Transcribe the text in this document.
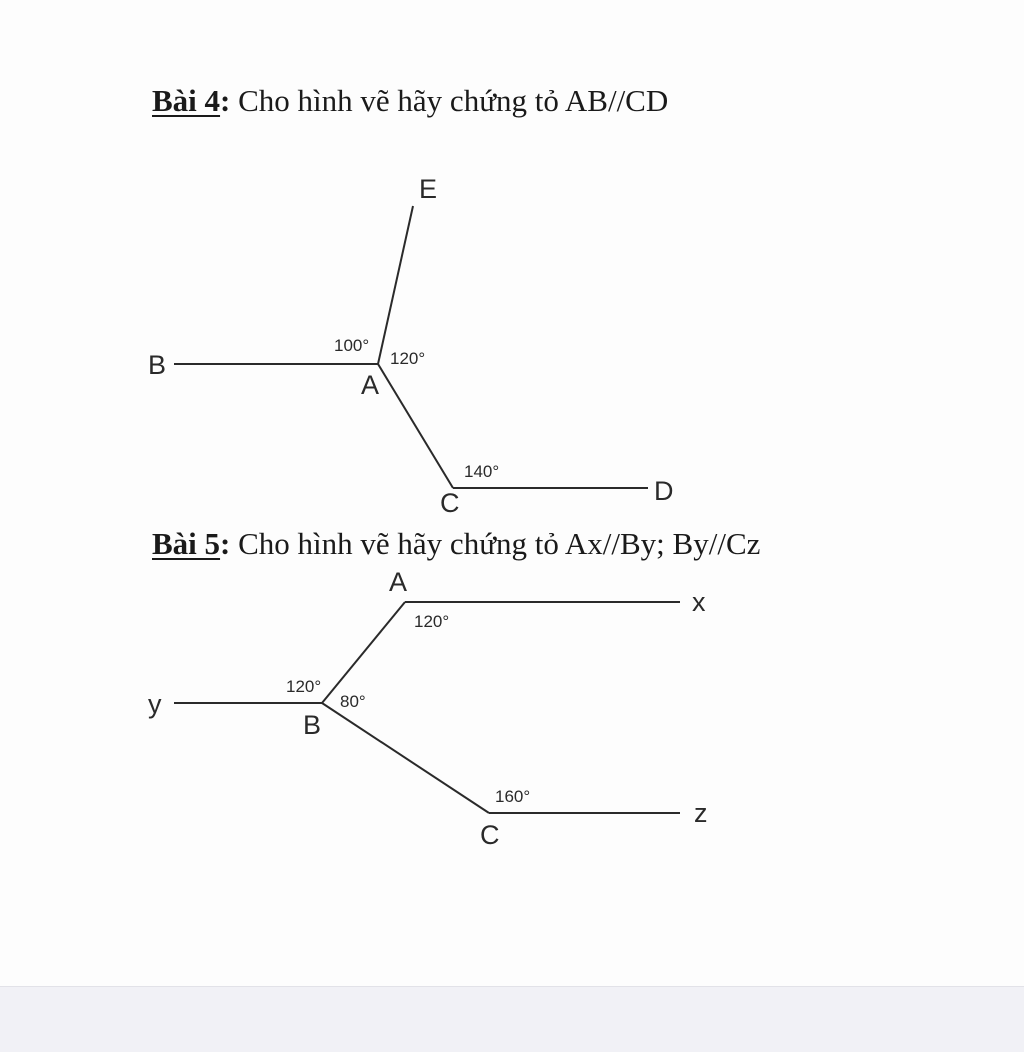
Bài 4: Cho hình vẽ hãy chứng tỏ AB//CD
E
B
A
C	D
100°
120°
140°
Bài 5: Cho hình vẽ hãy chứng tỏ Ax//By; By//Cz
A
x
y
B
C
z
120°
120°
80°
160°
